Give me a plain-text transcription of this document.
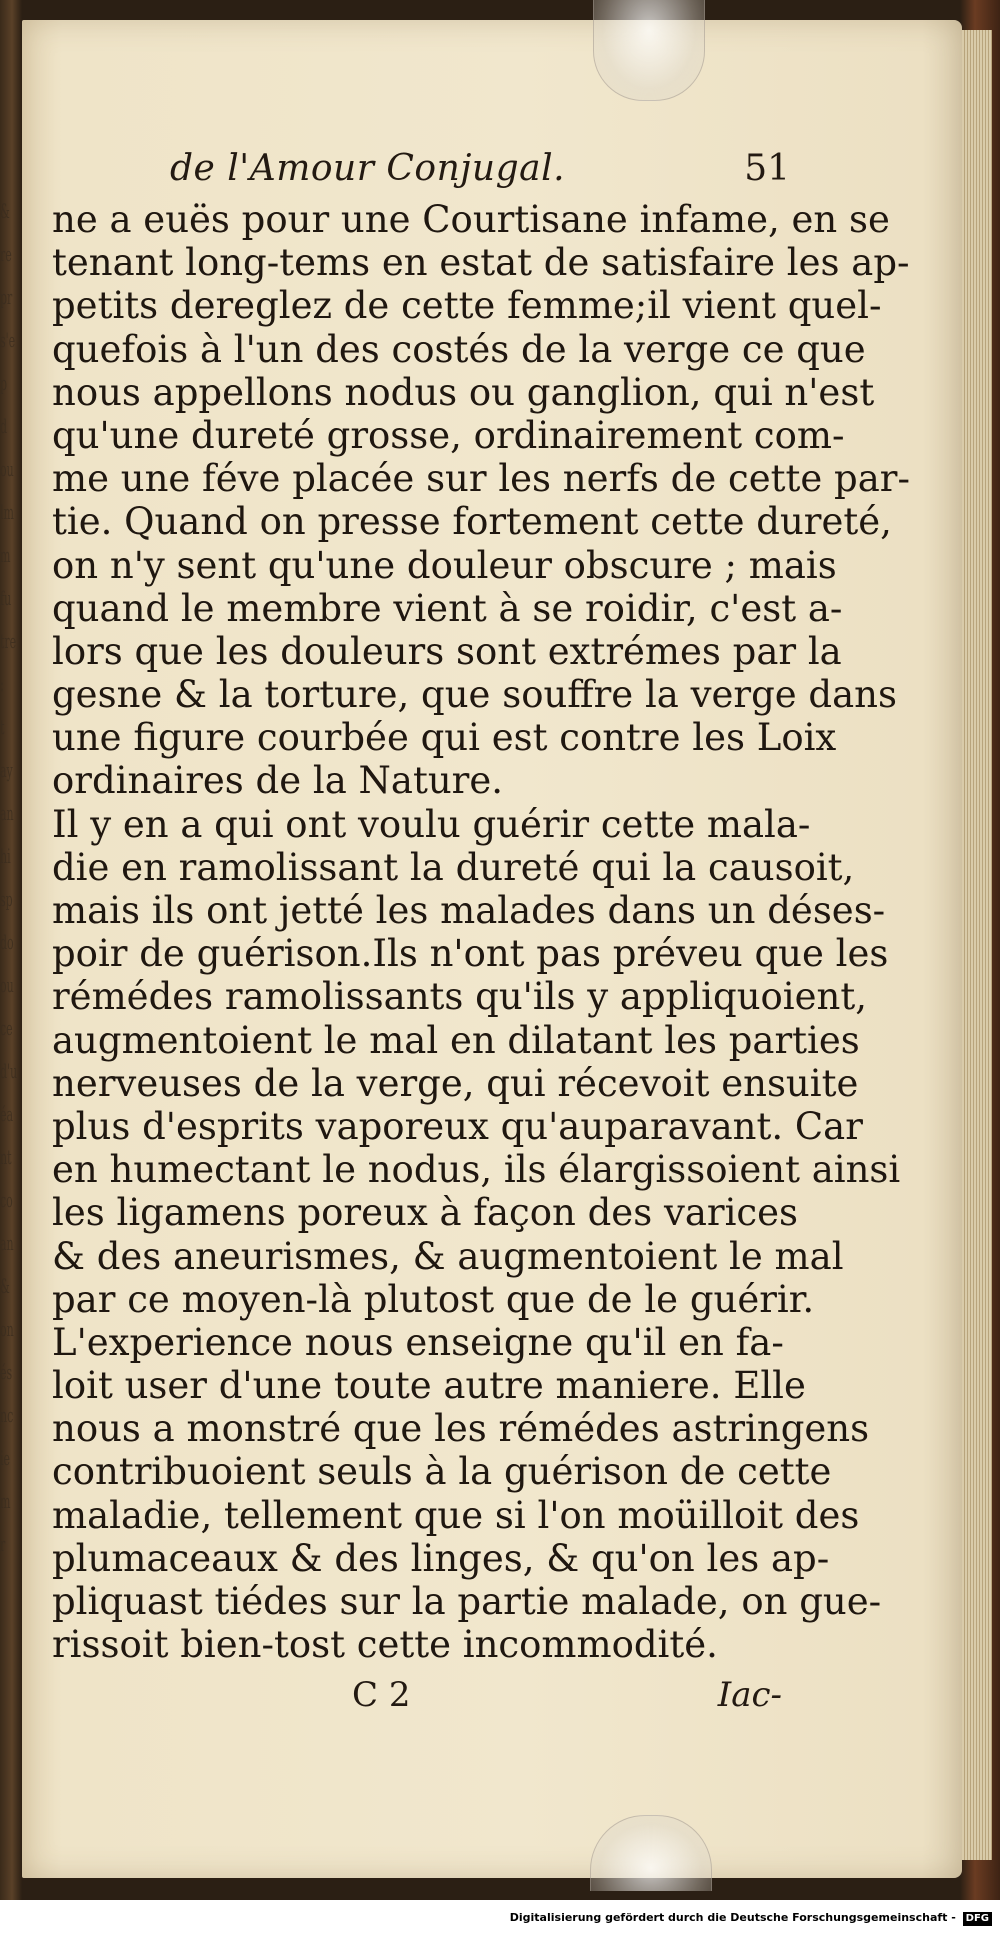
&
re
pr
s'e
p
d
ou
lm
m
fu
tre
:
t
ay
an
hi
sp
do
ou
ce
d'u
éa
nt
co
an
&
on
és
nc
ie
m
r
de l'Amour Conjugal.	51
ne a euës pour une Courtisane infame, en se
tenant long-tems en estat de satisfaire les ap-
petits dereglez de cette femme;il vient quel-
quefois à l'un des costés de la verge ce que
nous appellons nodus ou ganglion, qui n'est
qu'une dureté grosse, ordinairement com-
me une féve placée sur les nerfs de cette par-
tie. Quand on presse fortement cette dureté,
on n'y sent qu'une douleur obscure ; mais
quand le membre vient à se roidir, c'est a-
lors que les douleurs sont extrémes par la
gesne & la torture, que souffre la verge dans
une figure courbée qui est contre les Loix
ordinaires de la Nature.
Il y en a qui ont voulu guérir cette mala-
die en ramolissant la dureté qui la causoit,
mais ils ont jetté les malades dans un déses-
poir de guérison.Ils n'ont pas préveu que les
rémédes ramolissants qu'ils y appliquoient,
augmentoient le mal en dilatant les parties
nerveuses de la verge, qui récevoit ensuite
plus d'esprits vaporeux qu'auparavant. Car
en humectant le nodus, ils élargissoient ainsi
les ligamens poreux à façon des varices
& des aneurismes, & augmentoient le mal
par ce moyen-là plutost que de le guérir.
L'experience nous enseigne qu'il en fa-
loit user d'une toute autre maniere. Elle
nous a monstré que les rémédes astringens
contribuoient seuls à la guérison de cette
maladie, tellement que si l'on moüilloit des
plumaceaux & des linges, & qu'on les ap-
pliquast tiédes sur la partie malade, on gue-
rissoit bien-tost cette incommodité.
C 2	Iac-
Digitalisierung gefördert durch die Deutsche Forschungsgemeinschaft - DFG
